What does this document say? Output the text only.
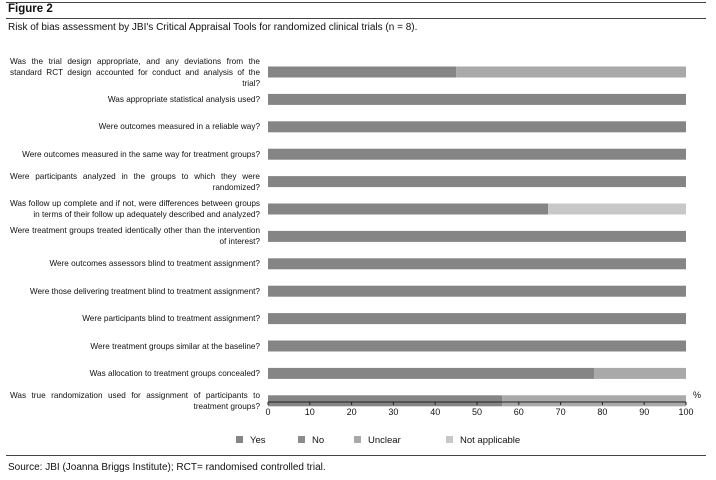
Figure 2
Risk of bias assessment by JBI's Critical Appraisal Tools for randomized clinical trials (n = 8).
Was the trial design appropriate, and any deviations from the standard RCT design accounted for conduct and analysis of the trial?
Was appropriate statistical analysis used?
Were outcomes measured in a reliable way?
Were outcomes measured in the same way for treatment groups?
Were participants analyzed in the groups to which they were randomized?
Was follow up complete and if not, were differences between groups in terms of their follow up adequately described and analyzed?
Were treatment groups treated identically other than the intervention of interest?
Were outcomes assessors blind to treatment assignment?
Were those delivering treatment blind to treatment assignment?
Were participants blind to treatment assignment?
Were treatment groups similar at the baseline?
Was allocation to treatment groups concealed?
Was true randomization used for assignment of participants to treatment groups?
0	10	20	30	40	50	60	70	80	90	100
%
Yes	No	Unclear	Not applicable
Source: JBI (Joanna Briggs Institute); RCT= randomised controlled trial.
